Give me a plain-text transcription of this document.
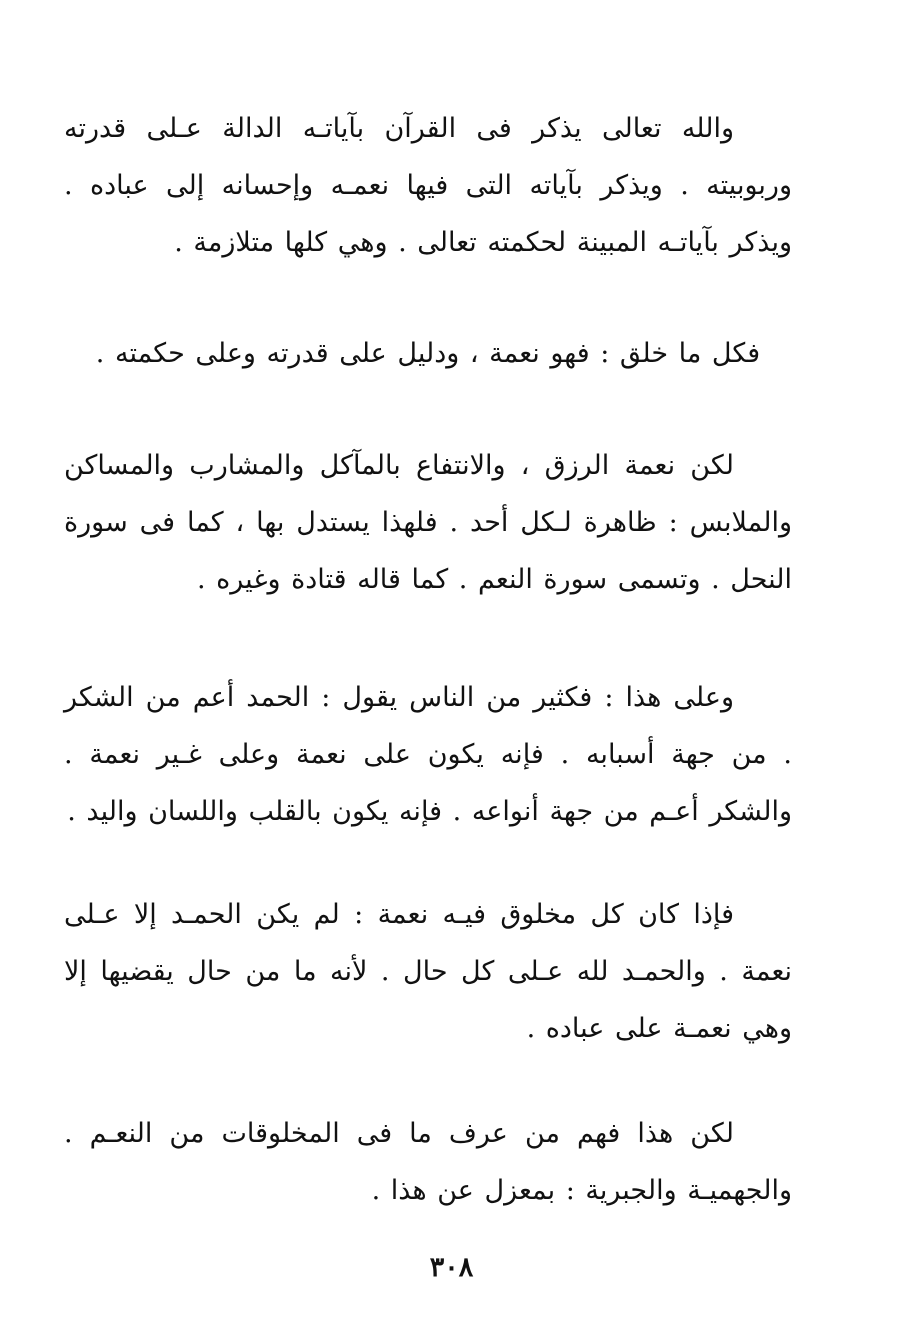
والله تعالى يذكر فى القرآن بآياتـه الدالة عـلى قدرته وربوبيته . ويذكر بآياته التى فيها نعمـه وإحسانه إلى عباده . ويذكر بآياتـه المبينة لحكمته تعالى . وهي كلها متلازمة .
فكل ما خلق : فهو نعمة ، ودليل على قدرته وعلى حكمته .
لكن نعمة الرزق ، والانتفاع بالمآكل والمشارب والمساكن والملابس : ظاهرة لـكل أحد . فلهذا يستدل بها ، كما فى سورة النحل . وتسمى سورة النعم . كما قاله قتادة وغيره .
وعلى هذا : فكثير من الناس يقول : الحمد أعم من الشكر . من جهة أسبابه . فإنه يكون على نعمة وعلى غـير نعمة . والشكر أعـم من جهة أنواعه . فإنه يكون بالقلب واللسان واليد .
فإذا كان كل مخلوق فيـه نعمة : لم يكن الحمـد إلا عـلى نعمة . والحمـد لله عـلى كل حال . لأنه ما من حال يقضيها إلا وهي نعمـة على عباده .
لكن هذا فهم من عرف ما فى المخلوقات من النعـم . والجهميـة والجبرية : بمعزل عن هذا .
٣٠٨
